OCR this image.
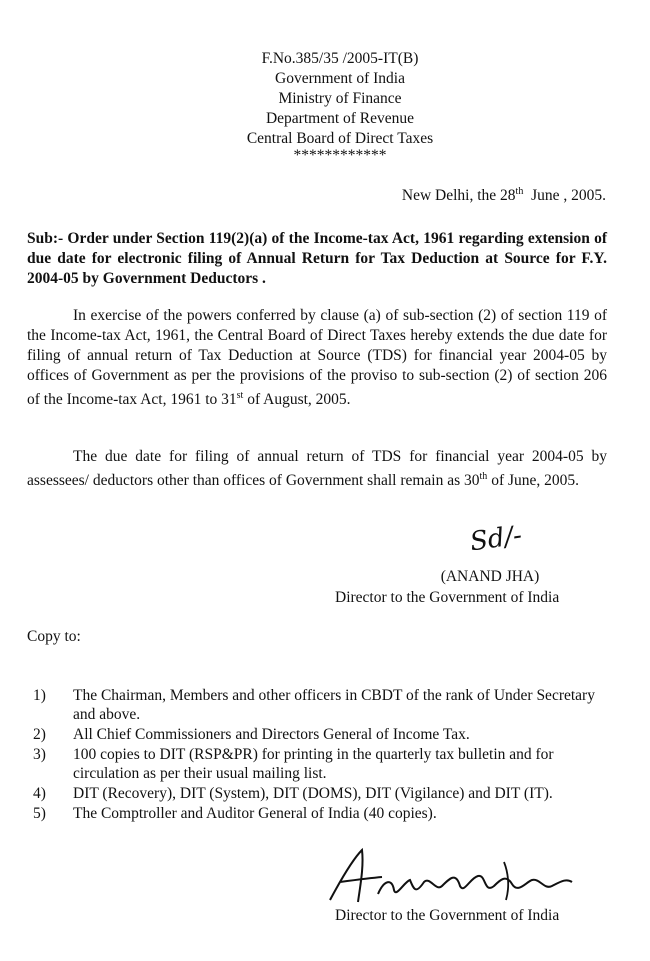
F.No.385/35 /2005-IT(B)
Government of India
Ministry of Finance
Department of Revenue
Central Board of Direct Taxes
************
New Delhi, the 28th  June , 2005.
Sub:- Order under Section 119(2)(a) of the Income-tax Act, 1961 regarding extension of due date for electronic filing of Annual Return for Tax Deduction at Source for F.Y. 2004-05 by Government Deductors .
In exercise of the powers conferred by clause (a) of sub-section (2) of section 119 of the Income-tax Act, 1961, the Central Board of Direct Taxes hereby extends the due date for filing of annual return of Tax Deduction at Source (TDS) for financial year 2004-05 by offices of Government as per the provisions of the proviso to sub-section (2) of section 206 of the Income-tax Act, 1961 to 31st of August, 2005.
The due date for filing of annual return of TDS for financial year 2004-05 by assessees/ deductors other than offices of Government shall remain as 30th of June, 2005.
Sd/-
(ANAND JHA)
Director to the Government of India
Copy to:
1) The Chairman, Members and other officers in CBDT of the rank of Under Secretary and above.
2) All Chief Commissioners and Directors General of Income Tax.
3) 100 copies to DIT (RSP&PR) for printing in the quarterly tax bulletin and for circulation as per their usual mailing list.
4) DIT (Recovery), DIT (System), DIT (DOMS), DIT (Vigilance) and DIT (IT).
5) The Comptroller and Auditor General of India (40 copies).
Director to the Government of India
